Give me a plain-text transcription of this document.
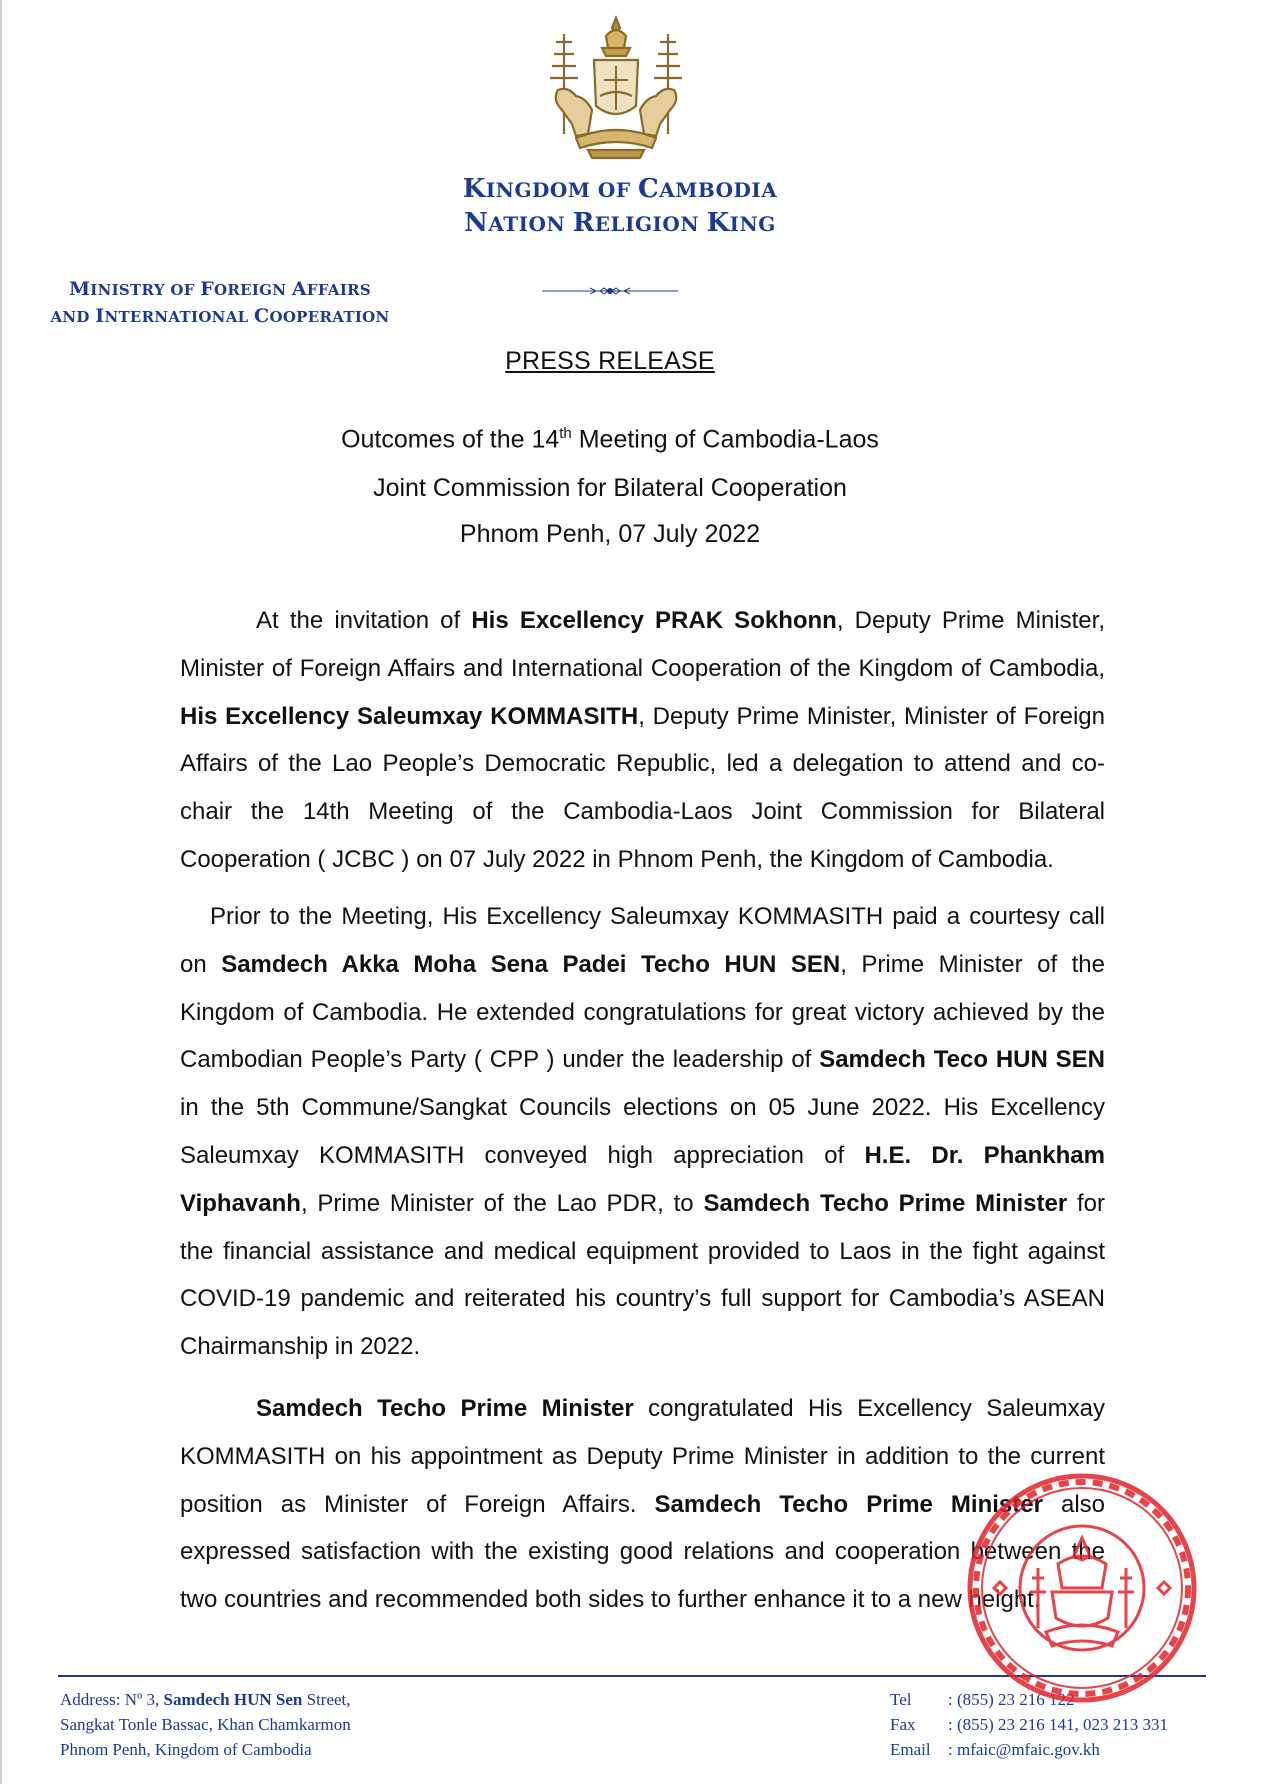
KINGDOM OF CAMBODIA
NATION RELIGION KING
MINISTRY OF FOREIGN AFFAIRS
AND INTERNATIONAL COOPERATION
PRESS RELEASE
Outcomes of the 14th Meeting of Cambodia-Laos
Joint Commission for Bilateral Cooperation
Phnom Penh, 07 July 2022
At the invitation of His Excellency PRAK Sokhonn, Deputy Prime Minister, Minister of Foreign Affairs and International Cooperation of the Kingdom of Cambodia, His Excellency Saleumxay KOMMASITH, Deputy Prime Minister, Minister of Foreign Affairs of the Lao People’s Democratic Republic, led a delegation to attend and co-chair the 14th Meeting of the Cambodia-Laos Joint Commission for Bilateral Cooperation ( JCBC ) on 07 July 2022 in Phnom Penh, the Kingdom of Cambodia.
Prior to the Meeting, His Excellency Saleumxay KOMMASITH paid a courtesy call on Samdech Akka Moha Sena Padei Techo HUN SEN, Prime Minister of the Kingdom of Cambodia. He extended congratulations for great victory achieved by the Cambodian People’s Party ( CPP ) under the leadership of Samdech Teco HUN SEN in the 5th Commune/Sangkat Councils elections on 05 June 2022. His Excellency Saleumxay KOMMASITH conveyed high appreciation of H.E. Dr. Phankham Viphavanh, Prime Minister of the Lao PDR, to Samdech Techo Prime Minister for the financial assistance and medical equipment provided to Laos in the fight against COVID-19 pandemic and reiterated his country’s full support for Cambodia’s ASEAN Chairmanship in 2022.
Samdech Techo Prime Minister congratulated His Excellency Saleumxay KOMMASITH on his appointment as Deputy Prime Minister in addition to the current position as Minister of Foreign Affairs. Samdech Techo Prime Minister also expressed satisfaction with the existing good relations and cooperation between the two countries and recommended both sides to further enhance it to a new height.
Address: Nº 3, Samdech HUN Sen Street,
Sangkat Tonle Bassac, Khan Chamkarmon
Phnom Penh, Kingdom of Cambodia
Tel : (855) 23 216 122
Fax : (855) 23 216 141, 023 213 331
Email : mfaic@mfaic.gov.kh
